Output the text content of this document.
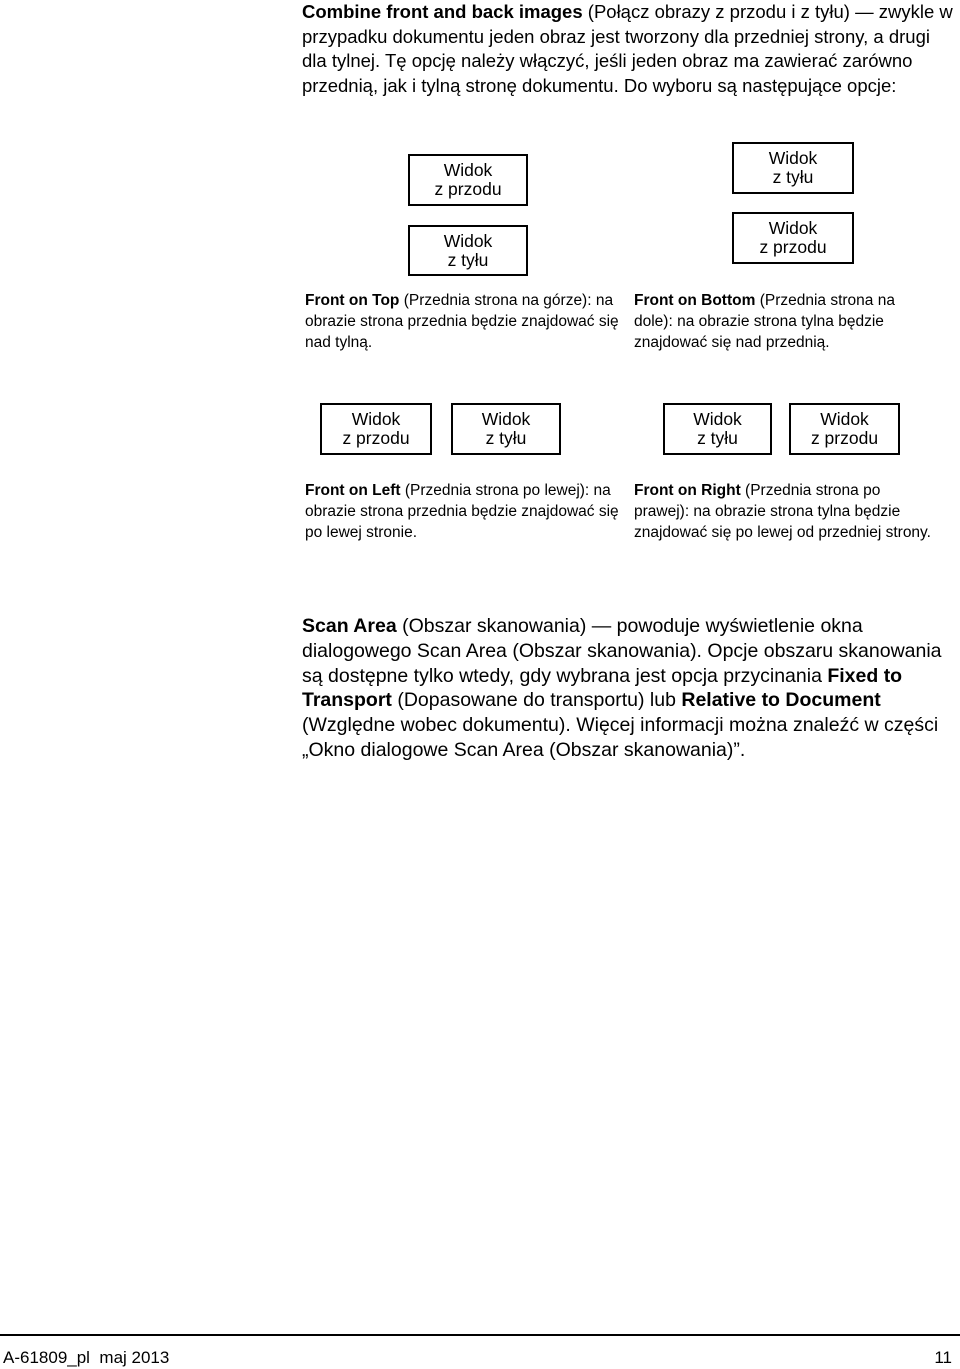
Combine front and back images (Połącz obrazy z przodu i z tyłu) — zwykle w przypadku dokumentu jeden obraz jest tworzony dla przedniej strony, a drugi dla tylnej. Tę opcję należy włączyć, jeśli jeden obraz ma zawierać zarówno przednią, jak i tylną stronę dokumentu. Do wyboru są następujące opcje:

Widok
z przodu
Widok
z tyłu
Widok
z tyłu
Widok
z przodu

Front on Top (Przednia strona na górze): na obrazie strona przednia będzie znajdować się nad tylną.

Front on Bottom (Przednia strona na dole): na obrazie strona tylna będzie znajdować się nad przednią.

Widok
z przodu
Widok
z tyłu
Widok
z tyłu
Widok
z przodu

Front on Left (Przednia strona po lewej): na obrazie strona przednia będzie znajdować się po lewej stronie.

Front on Right (Przednia strona po prawej): na obrazie strona tylna będzie znajdować się po lewej od przedniej strony.

Scan Area (Obszar skanowania) — powoduje wyświetlenie okna dialogowego Scan Area (Obszar skanowania). Opcje obszaru skanowania są dostępne tylko wtedy, gdy wybrana jest opcja przycinania Fixed to Transport (Dopasowane do transportu) lub Relative to Document (Względne wobec dokumentu). Więcej informacji można znaleźć w części „Okno dialogowe Scan Area (Obszar skanowania)”.

A-61809_pl  maj 2013	11
